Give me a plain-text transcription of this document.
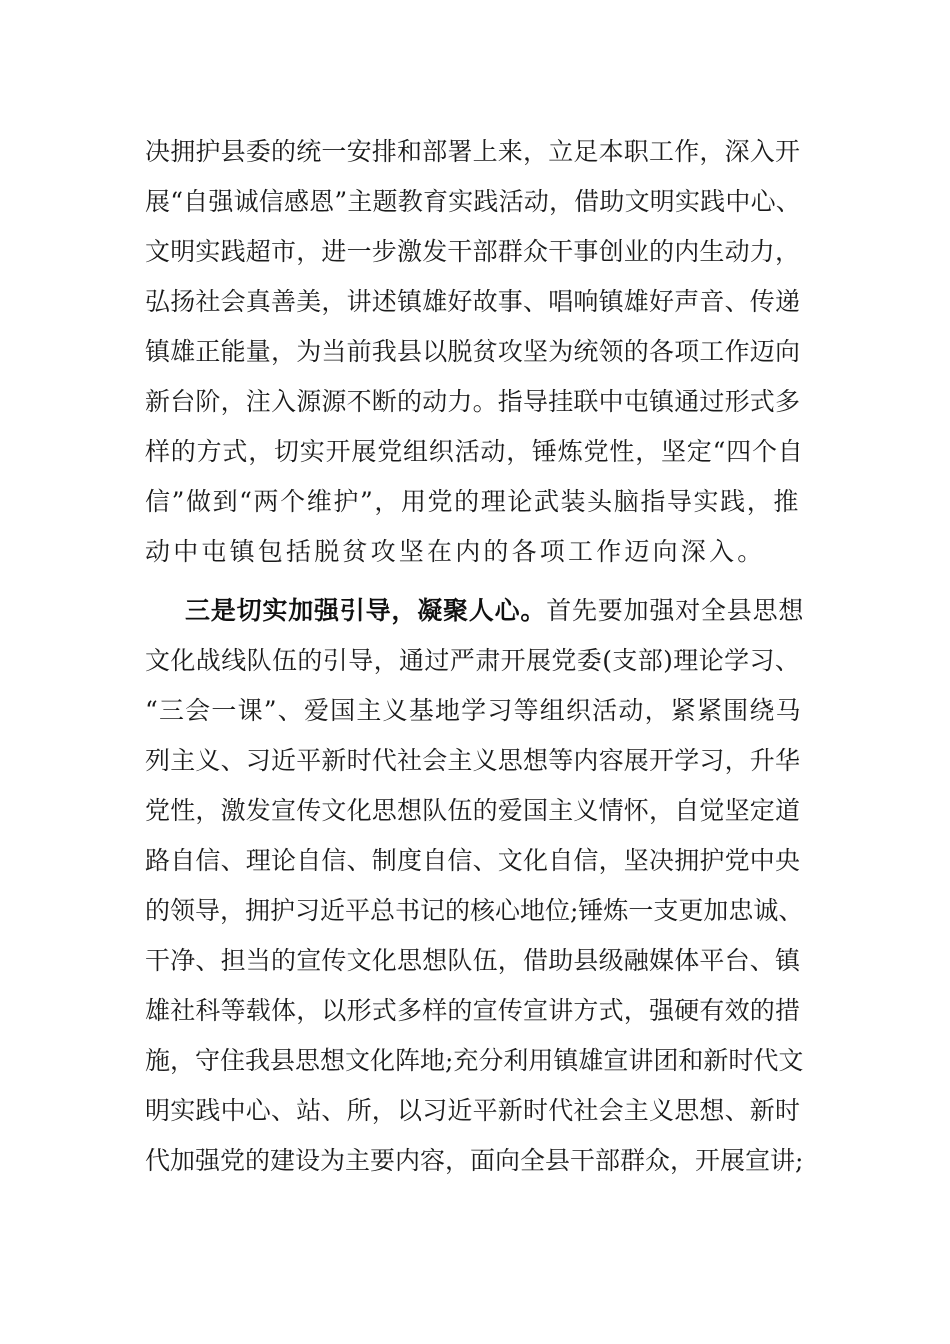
决拥护县委的统一安排和部署上来，立足本职工作，深入开

展“自强诚信感恩”主题教育实践活动，借助文明实践中心、

文明实践超市，进一步激发干部群众干事创业的内生动力，

弘扬社会真善美，讲述镇雄好故事、唱响镇雄好声音、传递

镇雄正能量，为当前我县以脱贫攻坚为统领的各项工作迈向

新台阶，注入源源不断的动力。指导挂联中屯镇通过形式多

样的方式，切实开展党组织活动，锤炼党性，坚定“四个自

信”做到“两个维护”，用党的理论武装头脑指导实践，推

动中屯镇包括脱贫攻坚在内的各项工作迈向深入。

三是切实加强引导，凝聚人心。首先要加强对全县思想

文化战线队伍的引导，通过严肃开展党委(支部)理论学习、

“三会一课”、爱国主义基地学习等组织活动，紧紧围绕马

列主义、习近平新时代社会主义思想等内容展开学习，升华

党性，激发宣传文化思想队伍的爱国主义情怀，自觉坚定道

路自信、理论自信、制度自信、文化自信，坚决拥护党中央

的领导，拥护习近平总书记的核心地位;锤炼一支更加忠诚、

干净、担当的宣传文化思想队伍，借助县级融媒体平台、镇

雄社科等载体，以形式多样的宣传宣讲方式，强硬有效的措

施，守住我县思想文化阵地;充分利用镇雄宣讲团和新时代文

明实践中心、站、所，以习近平新时代社会主义思想、新时

代加强党的建设为主要内容，面向全县干部群众，开展宣讲;
